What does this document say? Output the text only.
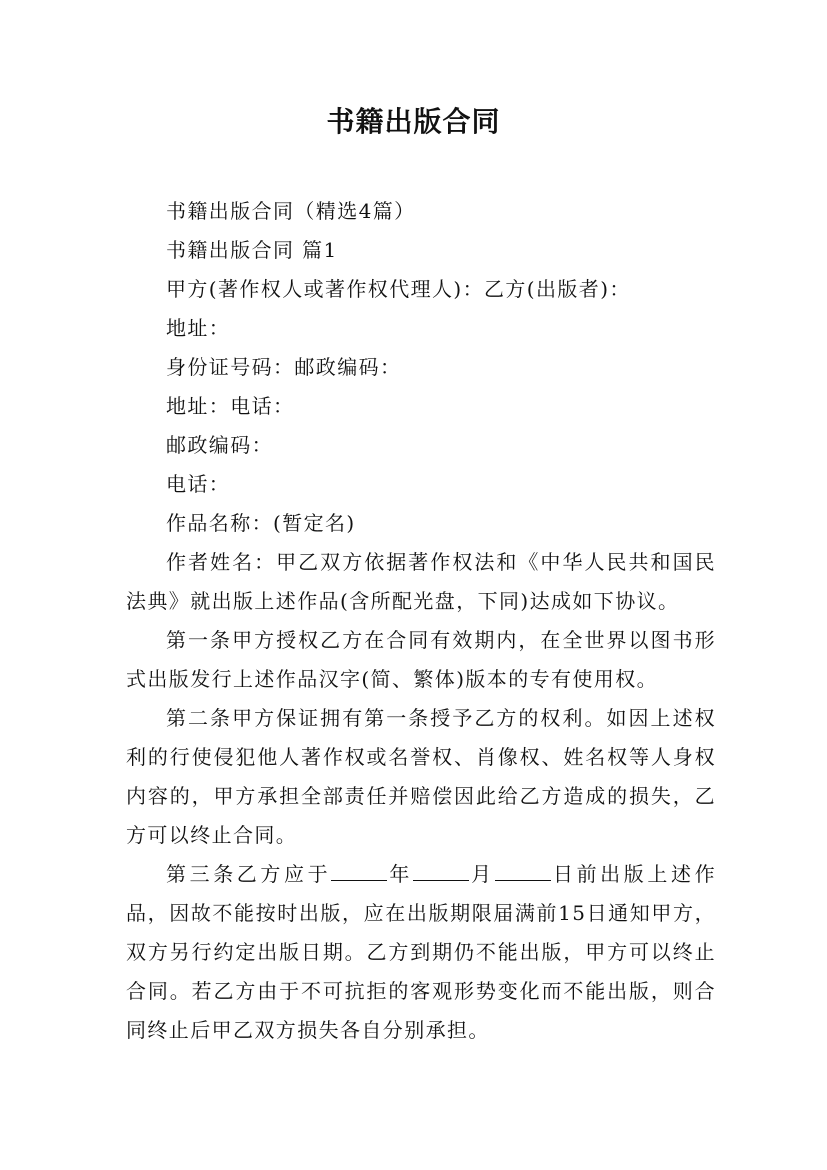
书籍出版合同

书籍出版合同（精选4篇）

书籍出版合同 篇1

甲方(著作权人或著作权代理人)：乙方(出版者)：

地址：

身份证号码：邮政编码：

地址：电话：

邮政编码：

电话：

作品名称：(暂定名)

作者姓名：甲乙双方依据著作权法和《中华人民共和国民法典》就出版上述作品(含所配光盘，下同)达成如下协议。

第一条甲方授权乙方在合同有效期内，在全世界以图书形式出版发行上述作品汉字(简、繁体)版本的专有使用权。

第二条甲方保证拥有第一条授予乙方的权利。如因上述权利的行使侵犯他人著作权或名誉权、肖像权、姓名权等人身权内容的，甲方承担全部责任并赔偿因此给乙方造成的损失，乙方可以终止合同。

第三条乙方应于	年	月	日前出版上述作品，因故不能按时出版，应在出版期限届满前15日通知甲方，双方另行约定出版日期。乙方到期仍不能出版，甲方可以终止合同。若乙方由于不可抗拒的客观形势变化而不能出版，则合同终止后甲乙双方损失各自分别承担。
